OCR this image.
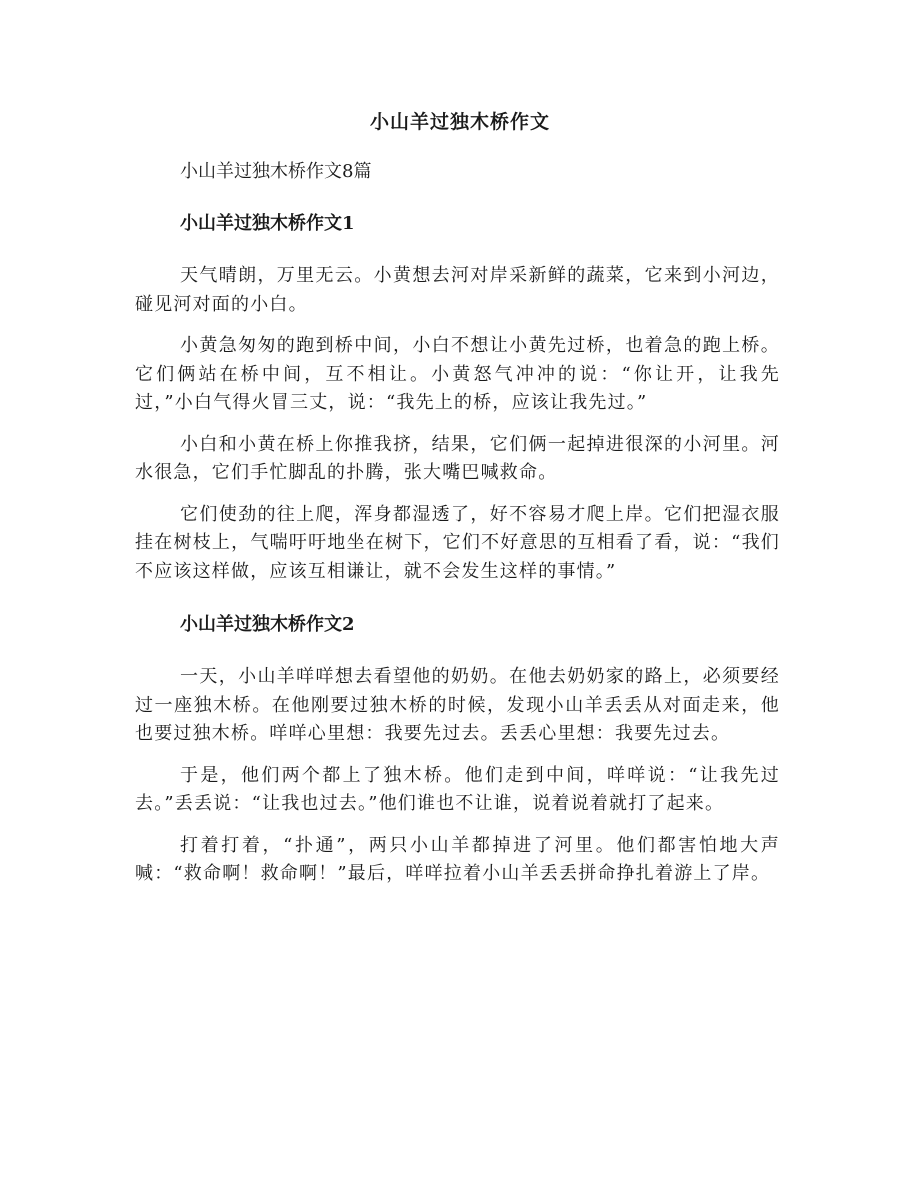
小山羊过独木桥作文

小山羊过独木桥作文8篇

小山羊过独木桥作文1

天气晴朗，万里无云。小黄想去河对岸采新鲜的蔬菜，它来到小河边，碰见河对面的小白。

小黄急匆匆的跑到桥中间，小白不想让小黄先过桥，也着急的跑上桥。它们俩站在桥中间，互不相让。小黄怒气冲冲的说：“你让开，让我先过，”小白气得火冒三丈，说：“我先上的桥，应该让我先过。”

小白和小黄在桥上你推我挤，结果，它们俩一起掉进很深的小河里。河水很急，它们手忙脚乱的扑腾，张大嘴巴喊救命。

它们使劲的往上爬，浑身都湿透了，好不容易才爬上岸。它们把湿衣服挂在树枝上，气喘吁吁地坐在树下，它们不好意思的互相看了看，说：“我们不应该这样做，应该互相谦让，就不会发生这样的事情。”

小山羊过独木桥作文2

一天，小山羊咩咩想去看望他的奶奶。在他去奶奶家的路上，必须要经过一座独木桥。在他刚要过独木桥的时候，发现小山羊丢丢从对面走来，他也要过独木桥。咩咩心里想：我要先过去。丢丢心里想：我要先过去。

于是，他们两个都上了独木桥。他们走到中间，咩咩说：“让我先过去。”丢丢说：“让我也过去。”他们谁也不让谁，说着说着就打了起来。

打着打着，“扑通”，两只小山羊都掉进了河里。他们都害怕地大声喊：“救命啊！救命啊！”最后，咩咩拉着小山羊丢丢拼命挣扎着游上了岸。
